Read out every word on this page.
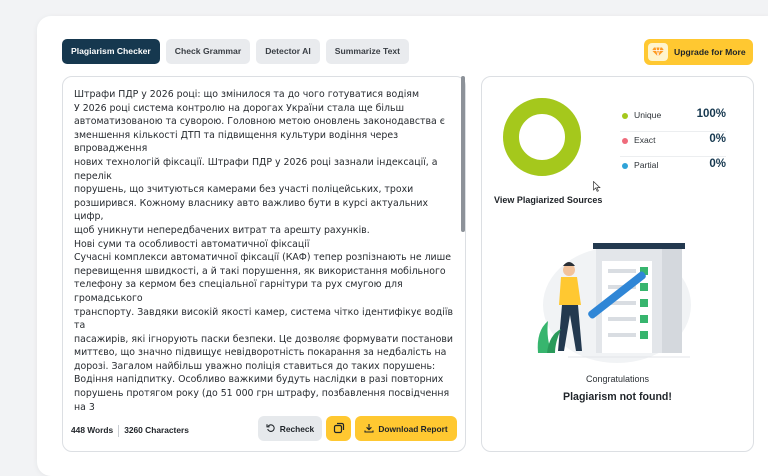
Plagiarism Checker	Check Grammar	Detector AI	Summarize Text	Upgrade for More
Штрафи ПДР у 2026 році: що змінилося та до чого готуватися водіям
У 2026 році система контролю на дорогах України стала ще більш
автоматизованою та суворою. Головною метою оновлень законодавства є
зменшення кількості ДТП та підвищення культури водіння через впровадження
нових технологій фіксації. Штрафи ПДР у 2026 році зазнали індексації, а перелік
порушень, що зчитуються камерами без участі поліцейських, трохи
розширився. Кожному власнику авто важливо бути в курсі актуальних цифр,
щоб уникнути непередбачених витрат та арешту рахунків.
Нові суми та особливості автоматичної фіксації
Сучасні комплекси автоматичної фіксації (КАФ) тепер розпізнають не лише
перевищення швидкості, а й такі порушення, як використання мобільного
телефону за кермом без спеціальної гарнітури та рух смугою для громадського
транспорту. Завдяки високій якості камер, система чітко ідентифікує водіїв та
пасажирів, які ігнорують паски безпеки. Це дозволяє формувати постанови
миттєво, що значно підвищує невідворотність покарання за недбалість на
дорозі. Загалом найбільш уважно поліція ставиться до таких порушень:
Водіння напідпитку. Особливо важкими будуть наслідки в разі повторних
порушень протягом року (до 51 000 грн штрафу, позбавлення посвідчення на 3
448 Words 3260 Characters	Recheck	Download Report
Unique	100%
Exact	0%
Partial	0%
View Plagiarized Sources
Congratulations
Plagiarism not found!
